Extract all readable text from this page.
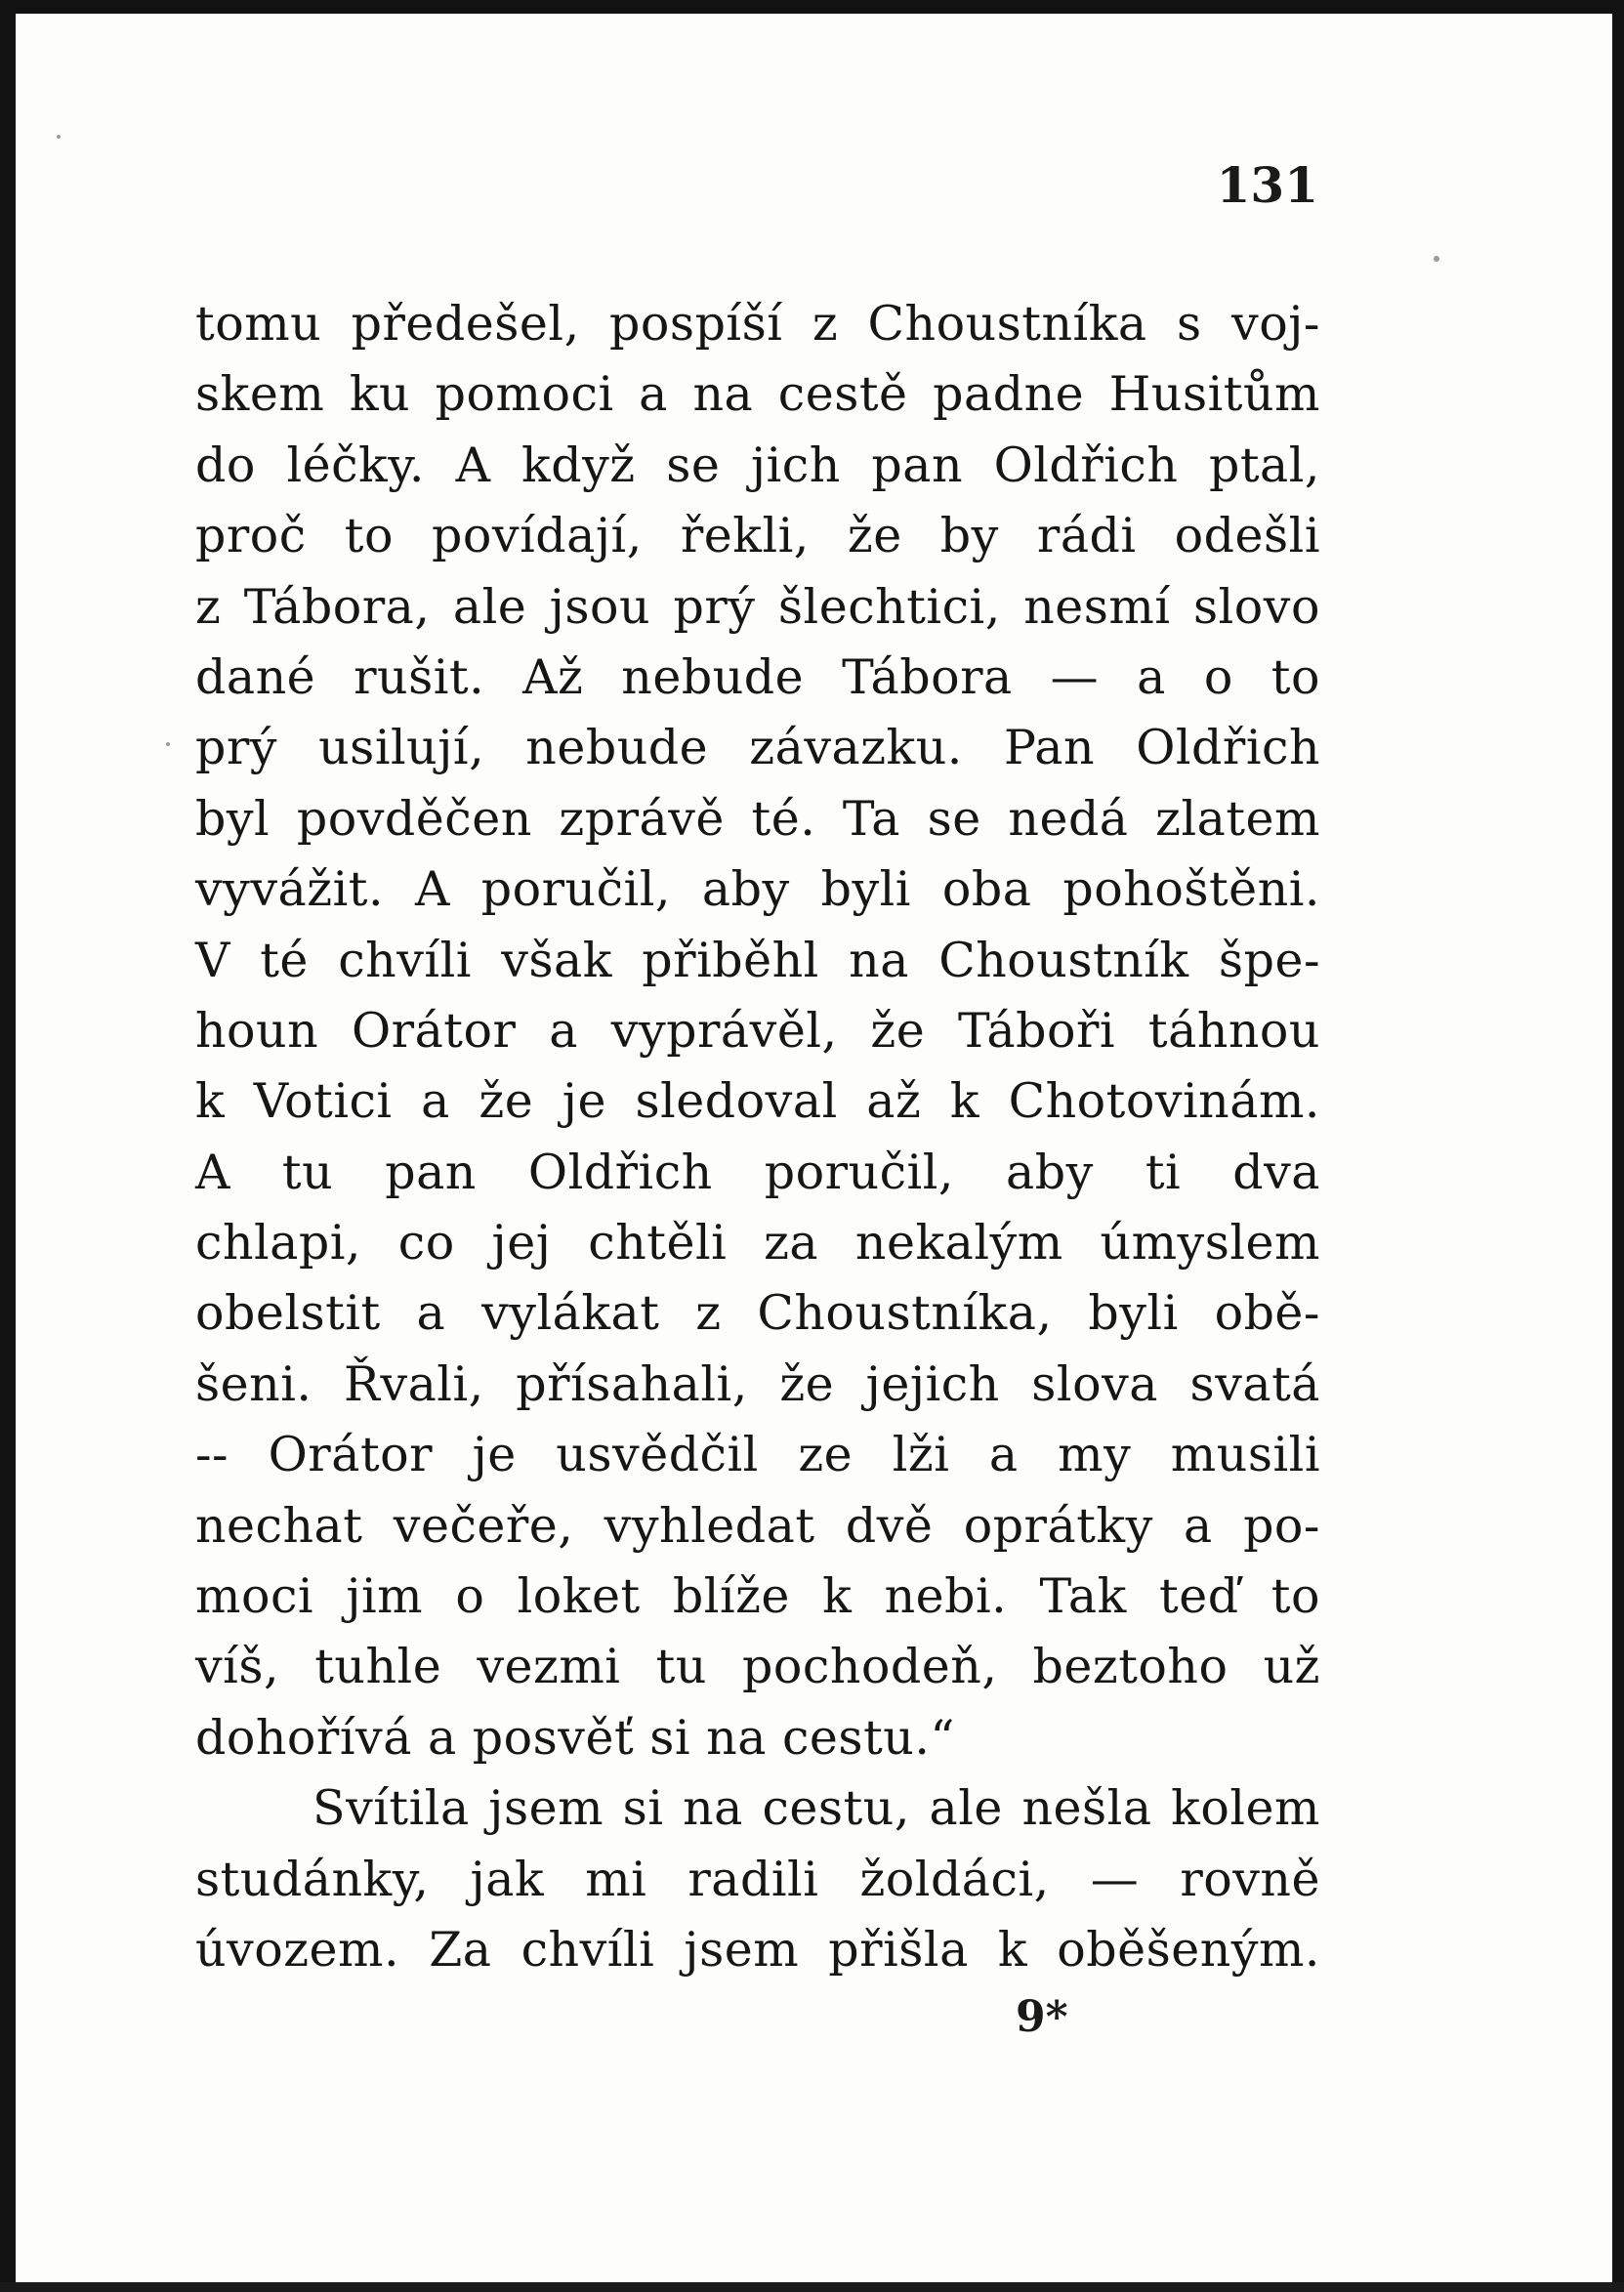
131

tomu předešel, pospíší z Choustníka s voj-
skem ku pomoci a na cestě padne Husitům
do léčky. A když se jich pan Oldřich ptal,
proč to povídají, řekli, že by rádi odešli
z Tábora, ale jsou prý šlechtici, nesmí slovo
dané rušit. Až nebude Tábora — a o to
prý usilují, nebude závazku. Pan Oldřich
byl povděčen zprávě té. Ta se nedá zlatem
vyvážit. A poručil, aby byli oba pohoštěni.
V té chvíli však přiběhl na Choustník špe-
houn Orátor a vyprávěl, že Táboři táhnou
k Votici a že je sledoval až k Chotovinám.
A tu pan Oldřich poručil, aby ti dva
chlapi, co jej chtěli za nekalým úmyslem
obelstit a vylákat z Choustníka, byli obě-
šeni. Řvali, přísahali, že jejich slova svatá
-- Orátor je usvědčil ze lži a my musili
nechat večeře, vyhledat dvě oprátky a po-
moci jim o loket blíže k nebi. Tak teď to
víš, tuhle vezmi tu pochodeň, beztoho už
dohořívá a posvěť si na cestu.“
Svítila jsem si na cestu, ale nešla kolem
studánky, jak mi radili žoldáci, — rovně
úvozem. Za chvíli jsem přišla k oběšeným.

9*
